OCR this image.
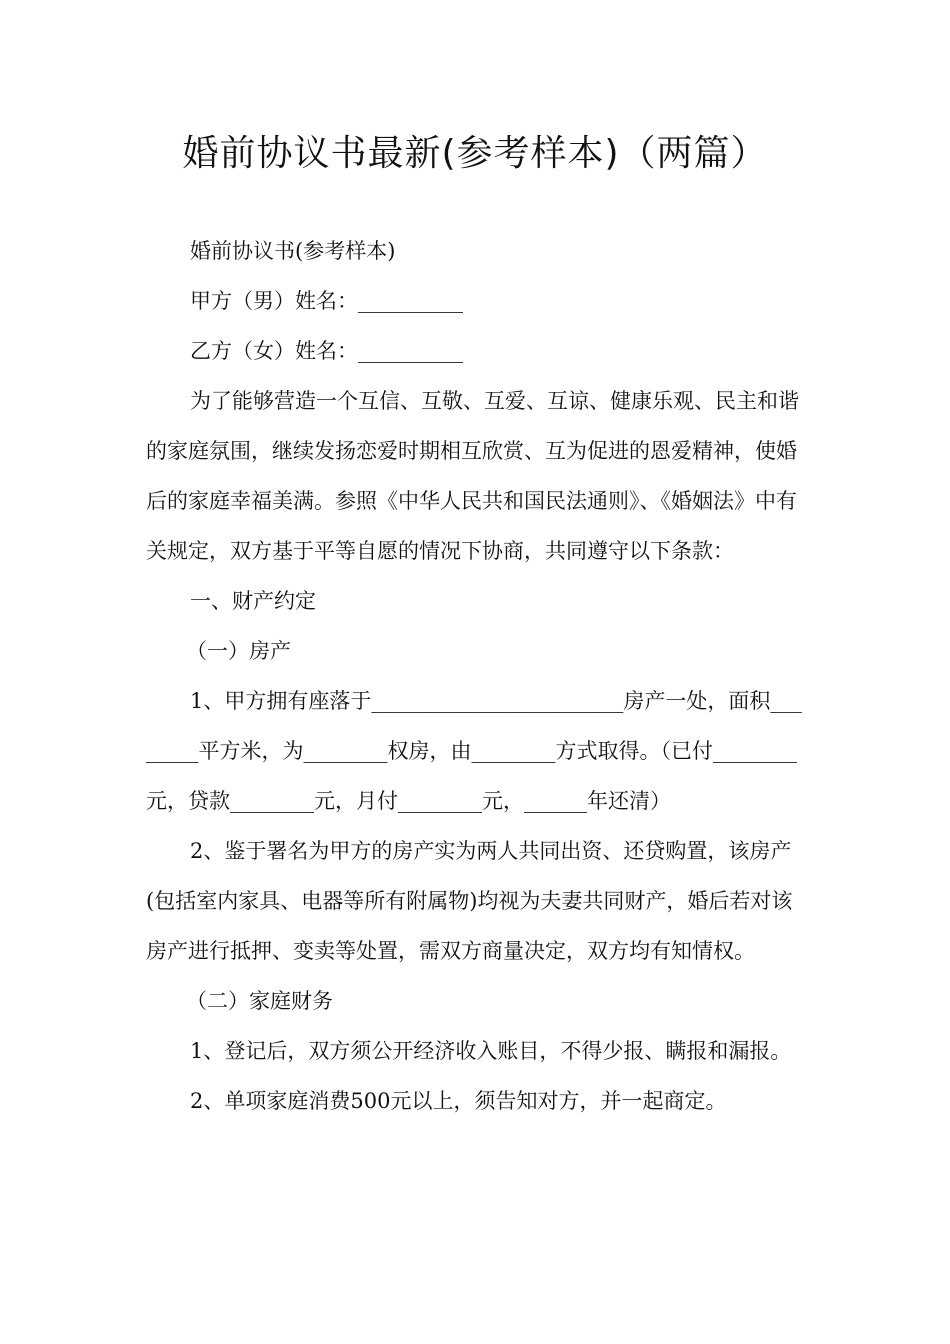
婚前协议书最新(参考样本)（两篇）

婚前协议书(参考样本)

甲方（男）姓名：__________

乙方（女）姓名：__________

为了能够营造一个互信、互敬、互爱、互谅、健康乐观、民主和谐的家庭氛围，继续发扬恋爱时期相互欣赏、互为促进的恩爱精神，使婚后的家庭幸福美满。参照《中华人民共和国民法通则》、《婚姻法》中有关规定，双方基于平等自愿的情况下协商，共同遵守以下条款：

一、财产约定

（一）房产

1、甲方拥有座落于________________________房产一处，面积________平方米，为________权房，由________方式取得。（已付________元，贷款________元，月付________元，______年还清）

2、鉴于署名为甲方的房产实为两人共同出资、还贷购置，该房产(包括室内家具、电器等所有附属物)均视为夫妻共同财产，婚后若对该房产进行抵押、变卖等处置，需双方商量决定，双方均有知情权。

（二）家庭财务

1、登记后，双方须公开经济收入账目，不得少报、瞒报和漏报。

2、单项家庭消费500元以上，须告知对方，并一起商定。
